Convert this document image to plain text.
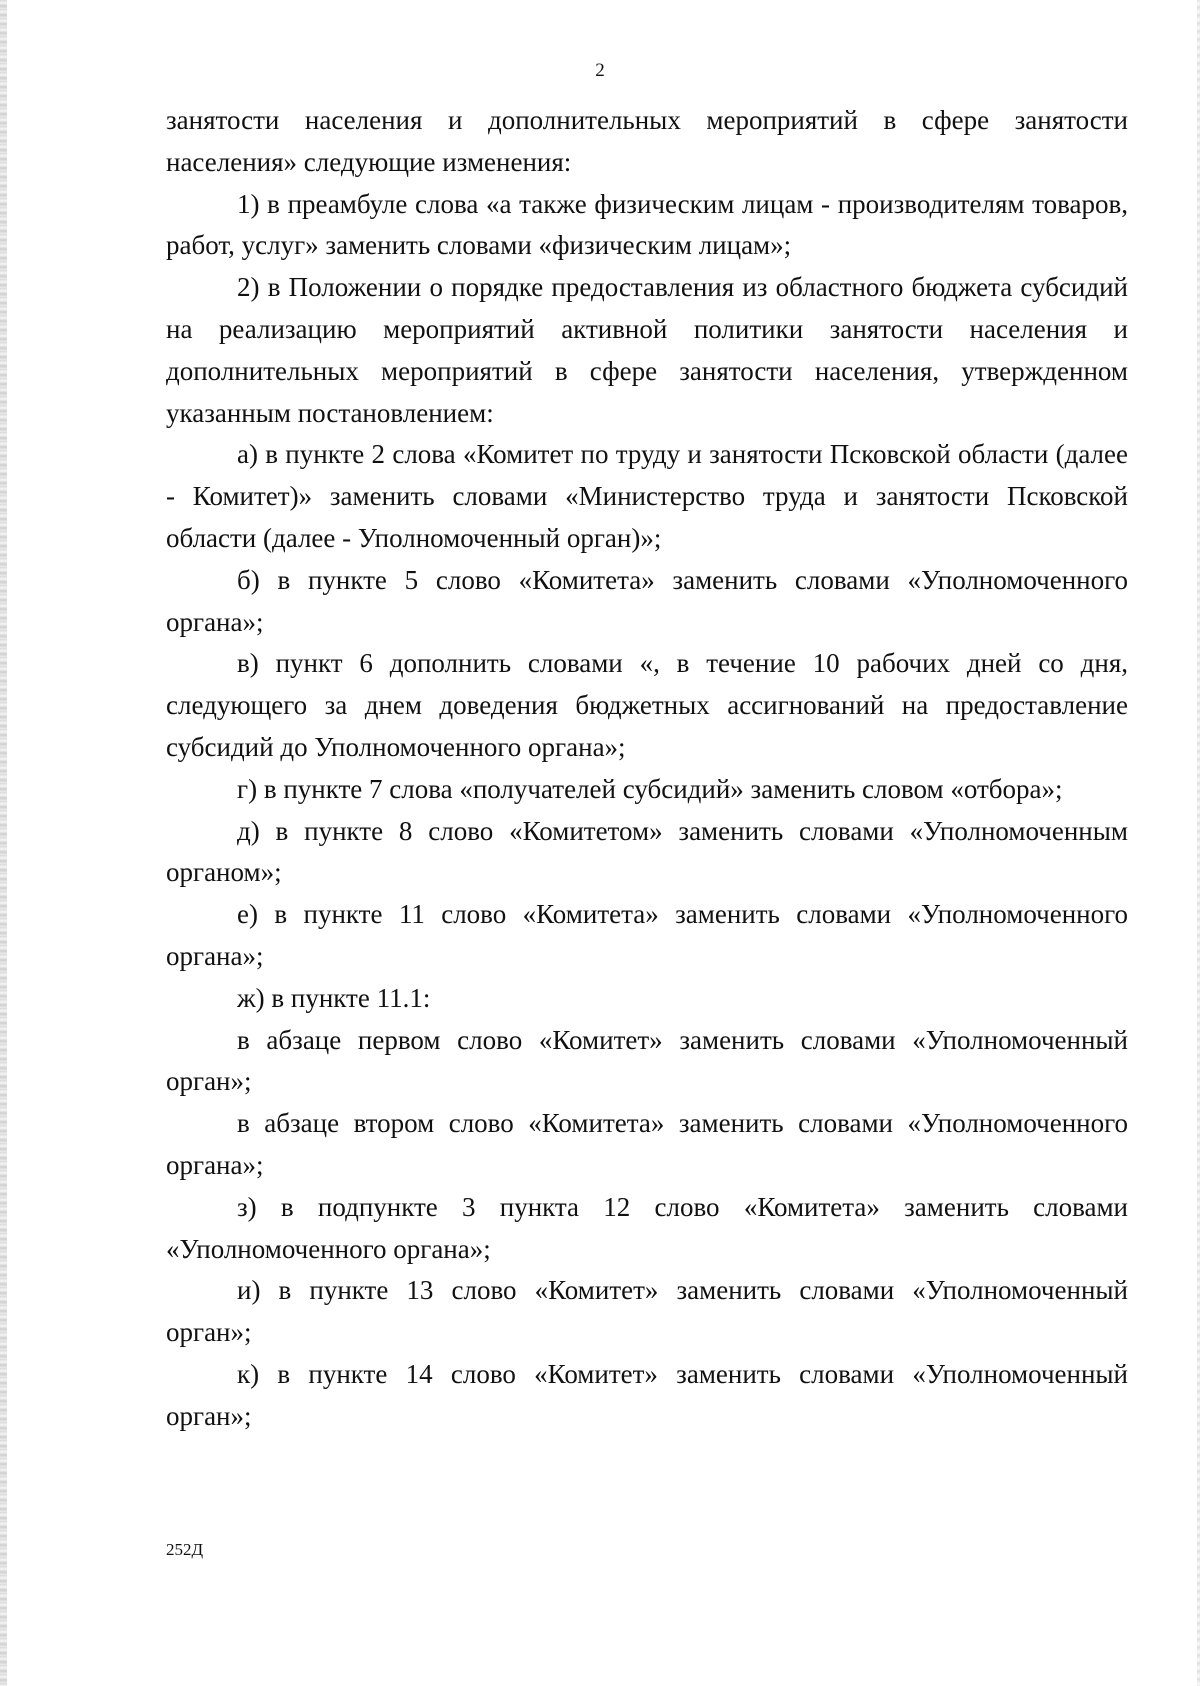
2

занятости населения и дополнительных мероприятий в сфере занятости населения» следующие изменения:

1) в преамбуле слова «а также физическим лицам - производителям товаров, работ, услуг» заменить словами «физическим лицам»;

2) в Положении о порядке предоставления из областного бюджета субсидий на реализацию мероприятий активной политики занятости населения и дополнительных мероприятий в сфере занятости населения, утвержденном указанным постановлением:

а) в пункте 2 слова «Комитет по труду и занятости Псковской области (далее - Комитет)» заменить словами «Министерство труда и занятости Псковской области (далее - Уполномоченный орган)»;

б) в пункте 5 слово «Комитета» заменить словами «Уполномоченного органа»;

в) пункт 6 дополнить словами «, в течение 10 рабочих дней со дня, следующего за днем доведения бюджетных ассигнований на предоставление субсидий до Уполномоченного органа»;

г) в пункте 7 слова «получателей субсидий» заменить словом «отбора»;

д) в пункте 8 слово «Комитетом» заменить словами «Уполномоченным органом»;

е) в пункте 11 слово «Комитета» заменить словами «Уполномоченного органа»;

ж) в пункте 11.1:

в абзаце первом слово «Комитет» заменить словами «Уполномоченный орган»;

в абзаце втором слово «Комитета» заменить словами «Уполномоченного органа»;

з) в подпункте 3 пункта 12 слово «Комитета» заменить словами «Уполномоченного органа»;

и) в пункте 13 слово «Комитет» заменить словами «Уполномоченный орган»;

к) в пункте 14 слово «Комитет» заменить словами «Уполномоченный орган»;

252Д
